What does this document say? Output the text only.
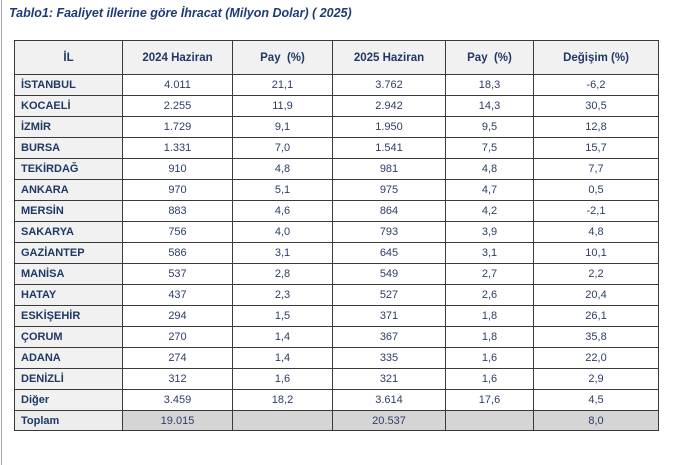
Tablo1: Faaliyet illerine göre İhracat (Milyon Dolar) ( 2025)
İL	2024 Haziran	Pay  (%)	2025 Haziran	Pay  (%)	Değişim (%)
İSTANBUL	4.011	21,1	3.762	18,3	-6,2
KOCAELİ	2.255	11,9	2.942	14,3	30,5
İZMİR	1.729	9,1	1.950	9,5	12,8
BURSA	1.331	7,0	1.541	7,5	15,7
TEKİRDAĞ	910	4,8	981	4,8	7,7
ANKARA	970	5,1	975	4,7	0,5
MERSİN	883	4,6	864	4,2	-2,1
SAKARYA	756	4,0	793	3,9	4,8
GAZİANTEP	586	3,1	645	3,1	10,1
MANİSA	537	2,8	549	2,7	2,2
HATAY	437	2,3	527	2,6	20,4
ESKİŞEHİR	294	1,5	371	1,8	26,1
ÇORUM	270	1,4	367	1,8	35,8
ADANA	274	1,4	335	1,6	22,0
DENİZLİ	312	1,6	321	1,6	2,9
Diğer	3.459	18,2	3.614	17,6	4,5
Toplam	19.015		20.537		8,0
